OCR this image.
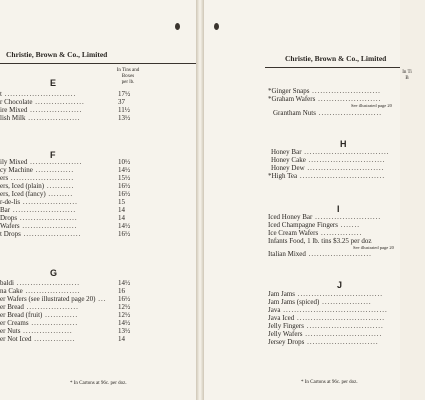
Christie, Brown & Co., Limited
In Tins and
Boxes
per lb.
E
t ..........................	17½
r Chocolate ..................	37
ire Mixed ...................	11½
lish Milk ...................	13½
F
ily Mixed ...................	10½
cy Machine ..............	14½
ers .......................	15½
ers, Iced (plain) ..........	16½
ers, Iced (fancy) .........	16½
r-de-lis ....................	15
Bar .......................	14
Drops .....................	14
Wafers ....................	14½
t Drops .....................	16½
G
baldi .......................	14½
na Cake ....................	16
er Wafers (see illustrated page 20) ... 16½
er Bread ...................	12½
er Bread (fruit) ............	12½
er Creams .................	14½
er Nuts ..................	13½
er Not Iced ...............	14
* In Cartons at 96c. per doz.
Christie, Brown & Co., Limited
In Ti
B
*Ginger Snaps .........................
*Graham Wafers .......................
See illustrated page 20
Grantham Nuts .......................
H
Honey Bar ...............................
Honey Cake ............................
Honey Dew ............................
*High Tea ...............................
I
Iced Honey Bar ........................
Iced Champagne Fingers .......
Ice Cream Wafers ...............
Infants Food, 1 lb. tins $3.25 per doz
See illustrated page 20
Italian Mixed .......................
J
Jam Jams ...............................
Jam Jams (spiced) ..................
Java ......................................
Java Iced ................................
Jelly Fingers ............................
Jelly Wafers ............................
Jersey Drops ..........................
* In Cartons at 96c. per doz.
